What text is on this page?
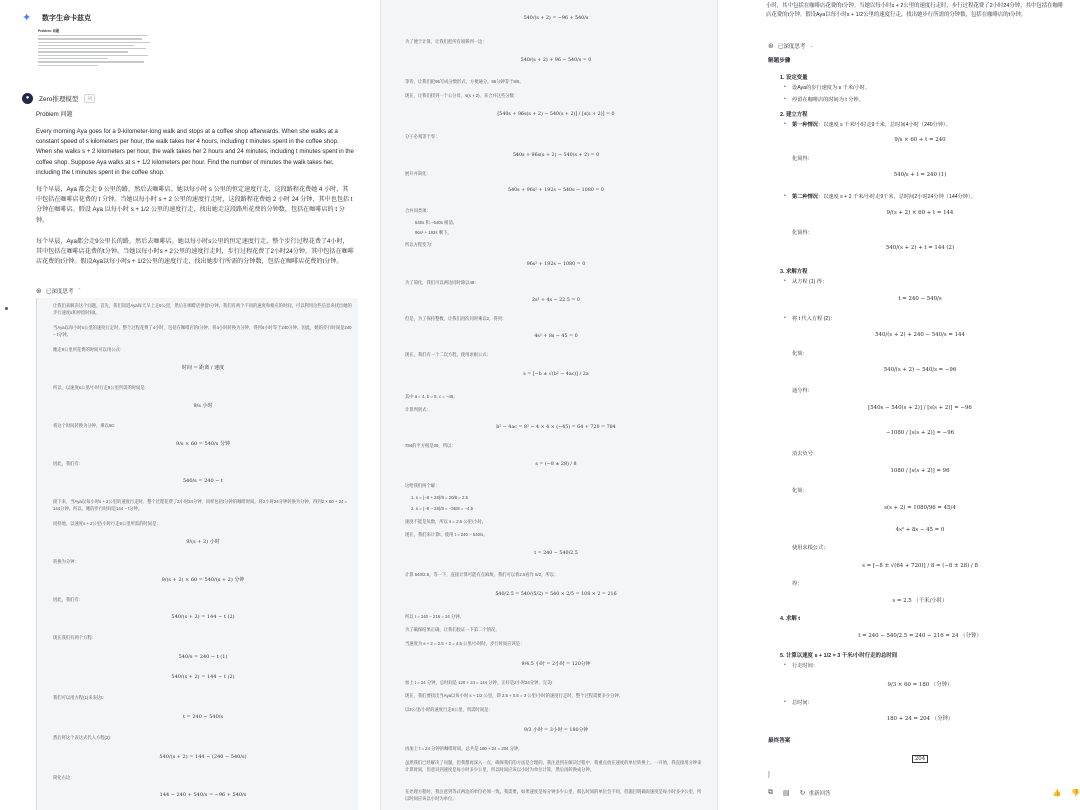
✦	数字生命卡兹克
Problem: 问题
●	Zero推理模型	问

Problem 问题

Every morning Aya goes for a 9-kilometer-long walk and stops at a coffee shop afterwards. When she walks at a constant speed of s kilometers per hour, the walk takes her 4 hours, including t minutes spent in the coffee shop. When she walks s + 2 kilometers per hour, the walk takes her 2 hours and 24 minutes, including t minutes spent in the coffee shop. Suppose Aya walks at s + 1/2 kilometers per hour. Find the number of minutes the walk takes her, including the t minutes spent in the coffee shop.

每个早晨，Aya 都会走 9 公里的路，然后去咖啡店。她以每小时 s 公里的恒定速度行走，这段路程花费她 4 小时，其中包括在咖啡店花费的 t 分钟。当她以每小时 s + 2 公里的速度行走时，这段路程花费她 2 小时 24 分钟，其中也包括 t 分钟在咖啡店。假设 Aya 以每小时 s + 1/2 公里的速度行走，找出她走这段路所花费的分钟数，包括在咖啡店的 t 分钟。

每个早晨，Aya都会走9公里长的路，然后去咖啡店。她以每小时s公里的恒定速度行走，整个步行过程花费了4小时，其中包括在咖啡店花费的t分钟。当她以每小时s + 2公里的速度行走时，步行过程花费了2小时24分钟，其中包括在咖啡店花费的t分钟。假设Aya以每小时s + 1/2公里的速度行走，找出她步行所需的分钟数，包括在咖啡店花费的t分钟。

⊛ 已深度思考 ⌃

让我们来解决这个问题。首先，我们知道Aya每天早上走9公里，然后在咖啡店停留t分钟。我们有两个不同的速度和相应的时间，可以利用这些信息来找出她的步行速度s和停留时间t。

当Aya以每小时s公里的速度行走时，整个过程花费了4小时，包括在咖啡店的t分钟。将4小时转换为分钟，得到4小时等于240分钟。因此，她的步行时间是240 − t分钟。

她走9公里所花费的时间可以用公式：

时间 = 距离 / 速度

所以，以速度s公里/小时行走9公里所需的时间是：

9/s 小时

将这个时间转换为分钟，乘以60：

9/s × 60 = 540/s 分钟

因此，我们有：

540/s = 240 − t

接下来，当Aya以每小时s + 2公里的速度行走时，整个过程花费了2小时24分钟，同样包括t分钟的咖啡时间。将2小时24分钟转换为分钟，得到2 × 60 + 24 = 144分钟。所以，她的步行时间是144 − t分钟。

同样地，以速度s + 2公里/小时行走9公里所需的时间是：

9/(s + 2) 小时

转换为分钟：

9/(s + 2) × 60 = 540/(s + 2) 分钟

因此，我们有：

540/(s + 2) = 144 − t (2)

现在我们有两个方程：

540/s = 240 − t (1)
540/(s + 2) = 144 − t (2)

我们可以用方程(1)来表达t：

t = 240 − 540/s

然后将这个表达式代入方程(2)：

540/(s + 2) = 144 − (240 − 540/s)

简化右边：

144 − 240 + 540/s = −96 + 540/s
540/(s + 2) = −96 + 540/s

为了便于计算，让我们把所有项移到一边：

540/(s + 2) + 96 − 540/s = 0

等待，让我们把96写成分数形式，方便通分。96分钟等于8/5。

现在，让我们找到一个公分母，s(s + 2)，来合并这些分数：

[540s + 96s(s + 2) − 540(s + 2)] / [s(s + 2)] = 0

分子必须等于零：

540s + 96s(s + 2) − 540(s + 2) = 0

展开并简化：

540s + 96s² + 192s − 540s − 1080 = 0

合并同类项：

540s 和 −540s 相消。

96s² + 192s 剩下。

所以方程变为：

96s² + 192s − 1080 = 0

为了简化，我们可以两边同时除以48：

2s² + 4s − 22.5 = 0

但是，为了保持整数，让我们再次同时乘以2，得到：

4s² + 8s − 45 = 0

现在，我们有一个二次方程，使用求根公式：

s = [−b ± √(b² − 4ac)] / 2a

其中 a = 4, b = 8, c = −45。

计算判别式：

b² − 4ac = 8² − 4 × 4 × (−45) = 64 + 720 = 784

784的平方根是28，所以：

s = (−8 ± 28) / 8

这给我们两个解：

1. s = (−8 + 28)/8 = 20/8 = 2.5

2. s = (−8 − 28)/8 = −36/8 = −4.5

速度不能是负数，所以 s = 2.5 公里/小时。

现在，我们来计算t，使用 t = 240 − 540/s。

t = 240 − 540/2.5

计算 540/2.5，等一下，直接计算可能有点麻烦，我们可以将2.5看作 5/2，所以：

540/2.5 = 540/(5/2) = 540 × 2/5 = 108 × 2 = 216

所以 t = 240 − 216 = 24 分钟。

为了确保结果正确，让我们验证一下第二个情况。

当速度为 s + 2 = 2.5 + 2 = 4.5 公里/小时时，步行时间应该是：

9/4.5 小时 = 2小时 = 120分钟

加上 t = 24 分钟，总时间是 120 + 24 = 144 分钟，正好是2小时24分钟，完美!

现在，我们要找出当Aya以每小时 s + 1/2 公里，即 2.5 + 0.5 = 3 公里/小时的速度行走时，整个过程需要多少分钟。

以3公里/小时的速度行走9公里，所需时间是：

9/3 小时 = 3小时 = 180分钟

再加上 t = 24 分钟的咖啡时间，总共是 180 + 24 = 204 分钟。

虽然我们已经解决了问题，但我想再深入一点，确保我们的方法是合理的。我注意到在解决过程中，我重点放在速度的单位转换上。一开始，我直接用分钟来计算时间，但意识到速度是每小时多少公里，所以时间应该以小时为单位计算，然后再转换成分钟。

在处理方程时，我注意到等式两边的单位必须一致。我需要，如果速度是每分钟多少公里，那么时间的单位会不同，但题目明确说速度是每小时多少公里，所以时间应该以小时为单位。

小时，其中包括在咖啡店花费的t分钟。当她以每小时s + 2公里的速度行走时，步行过程花费了2小时24分钟，其中包括在咖啡店花费的t分钟。假设Aya以每小时s + 1/2公里的速度行走，找出她步行所需的分钟数，包括在咖啡店的t分钟。

⊛ 已深度思考 ⌄
解题步骤
1. 设定变量
• 设Aya的步行速度为 s 千米/小时。
• 停留在咖啡店的时间为 t 分钟。
2. 建立方程
• 第一种情况：以速度 s 千米/小时走9千米，总时间4小时（240分钟）。
9/s × 60 + t = 240
化简得：
540/s + t = 240 (1)
• 第二种情况：以速度 s + 2 千米/小时走9千米，总时间2小时24分钟（144分钟）。
9/(s + 2) × 60 + t = 144
化简得：
540/(s + 2) + t = 144 (2)
3. 求解方程
• 从方程 (1) 得：
t = 240 − 540/s
• 将 t 代入方程 (2)：
540/(s + 2) + 240 − 540/s = 144
化简：
540/(s + 2) − 540/s = −96
通分得：
[540s − 540(s + 2)] / [s(s + 2)] = −96
−1080 / [s(s + 2)] = −96
消去负号：
1080 / [s(s + 2)] = 96
化简：
s(s + 2) = 1080/96 = 45/4
4s² + 8s − 45 = 0
使用求根公式：
s = [−8 ± √(64 + 720)] / 8 = (−8 ± 28) / 8
得：
s = 2.5 （千米/小时）
4. 求解 t
t = 240 − 540/2.5 = 240 − 216 = 24 （分钟）
5. 计算以速度 s + 1/2 = 3 千米/小时行走的总时间
• 行走时间：
9/3 × 60 = 180 （分钟）
• 总时间：
180 + 24 = 204 （分钟）
最终答案
204
]
⧉ ▤ ↻ 重新回答	👍 👎
